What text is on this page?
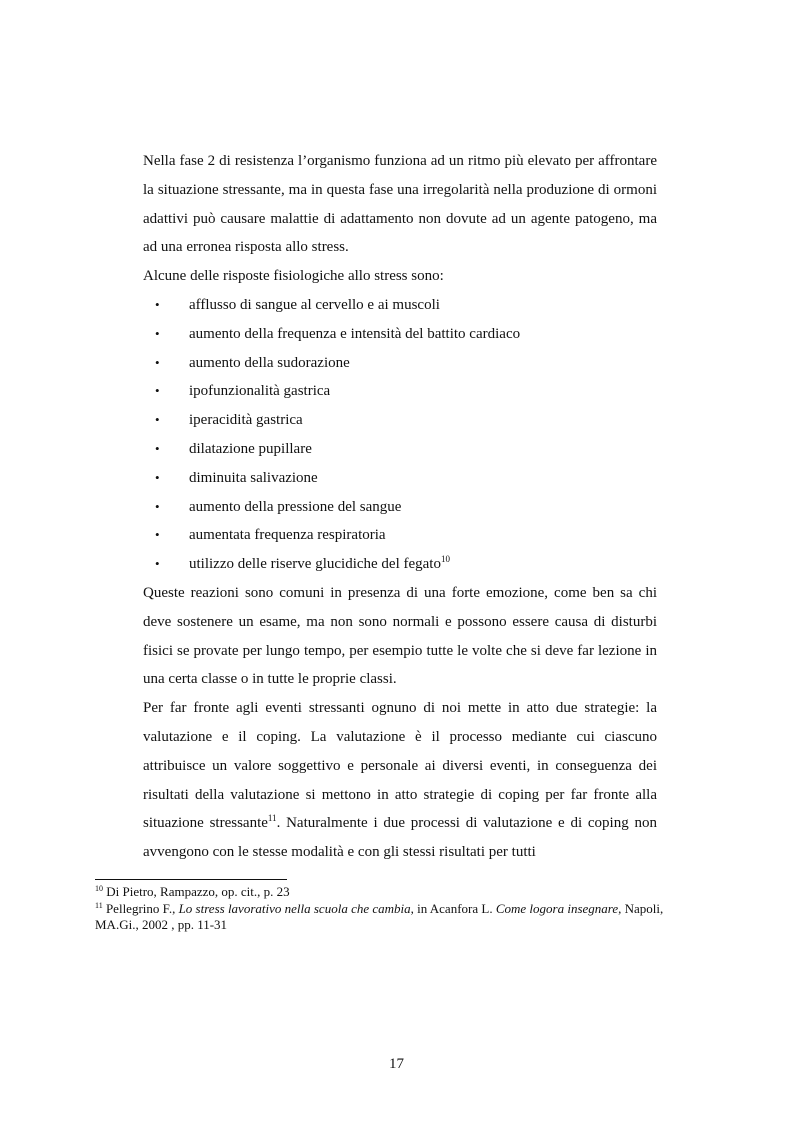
Nella fase 2 di resistenza l’organismo funziona ad un ritmo più elevato per affrontare la situazione stressante, ma in questa fase una irregolarità nella produzione di ormoni adattivi può causare malattie di adattamento non dovute ad un agente patogeno, ma ad una erronea risposta allo stress.

Alcune delle risposte fisiologiche allo stress sono:

• afflusso di sangue al cervello e ai muscoli
• aumento della frequenza e intensità del battito cardiaco
• aumento della sudorazione
• ipofunzionalità gastrica
• iperacidità gastrica
• dilatazione pupillare
• diminuita salivazione
• aumento della pressione del sangue
• aumentata frequenza respiratoria
• utilizzo delle riserve glucidiche del fegato$^{10}$

Queste reazioni sono comuni in presenza di una forte emozione, come ben sa chi deve sostenere un esame, ma non sono normali e possono essere causa di disturbi fisici se provate per lungo tempo, per esempio tutte le volte che si deve far lezione in una certa classe o in tutte le proprie classi.

Per far fronte agli eventi stressanti ognuno di noi mette in atto due strategie: la valutazione e il coping. La valutazione è il processo mediante cui ciascuno attribuisce un valore soggettivo e personale ai diversi eventi, in conseguenza dei risultati della valutazione si mettono in atto strategie di coping per far fronte alla situazione stressante$^{11}$. Naturalmente i due processi di valutazione e di coping non avvengono con le stesse modalità e con gli stessi risultati per tutti

$^{10}$ Di Pietro, Rampazzo, op. cit., p. 23

$^{11}$ Pellegrino F., Lo stress lavorativo nella scuola che cambia, in Acanfora L. Come logora insegnare, Napoli, MA.Gi., 2002 , pp. 11-31

17
